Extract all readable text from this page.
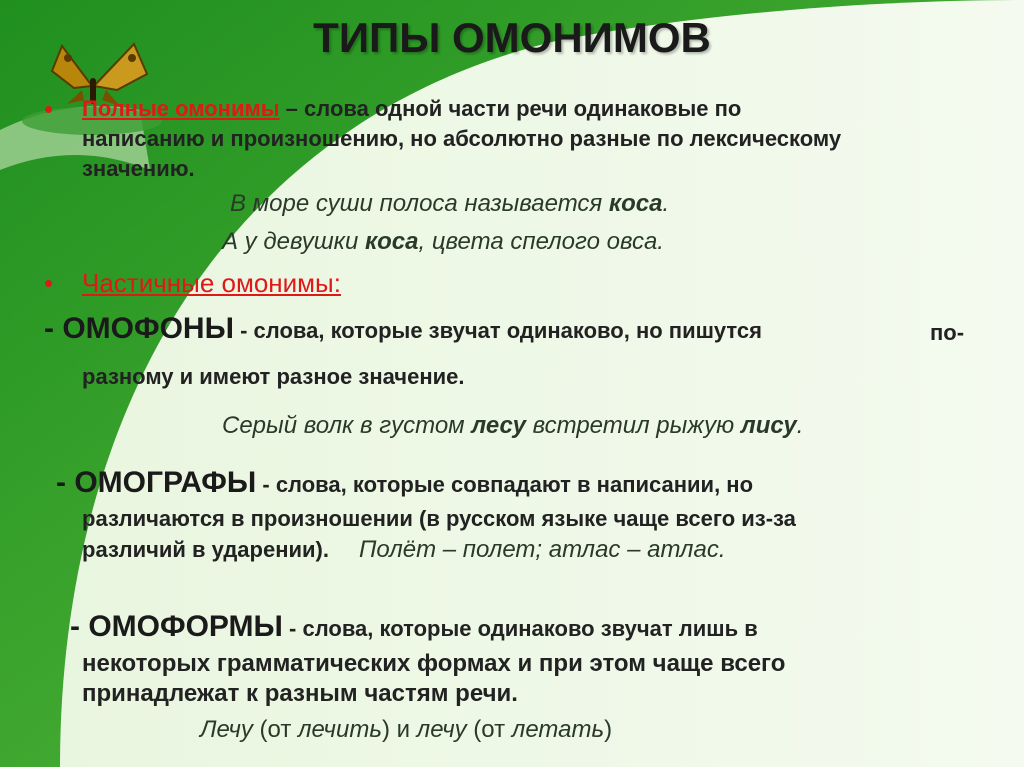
ТИПЫ ОМОНИМОВ
• Полные омонимы – слова одной части речи одинаковые по
написанию и произношению, но абсолютно разные по лексическому
значению.
В море суши полоса называется коса.
А у девушки коса, цвета спелого овса.
• Частичные омонимы:
- ОМОФОНЫ - слова, которые звучат одинаково, но пишутся	по-
разному и имеют разное значение.
Серый волк в густом лесу встретил рыжую лису.
- ОМОГРАФЫ - слова, которые совпадают в написании, но
различаются в произношении (в русском языке чаще всего из-за
различий в ударении). Полёт – полет; атлас – атлас.
- ОМОФОРМЫ - слова, которые одинаково звучат лишь в
некоторых грамматических формах и при этом чаще всего
принадлежат к разным частям речи.
Лечу (от лечить) и лечу (от летать)
